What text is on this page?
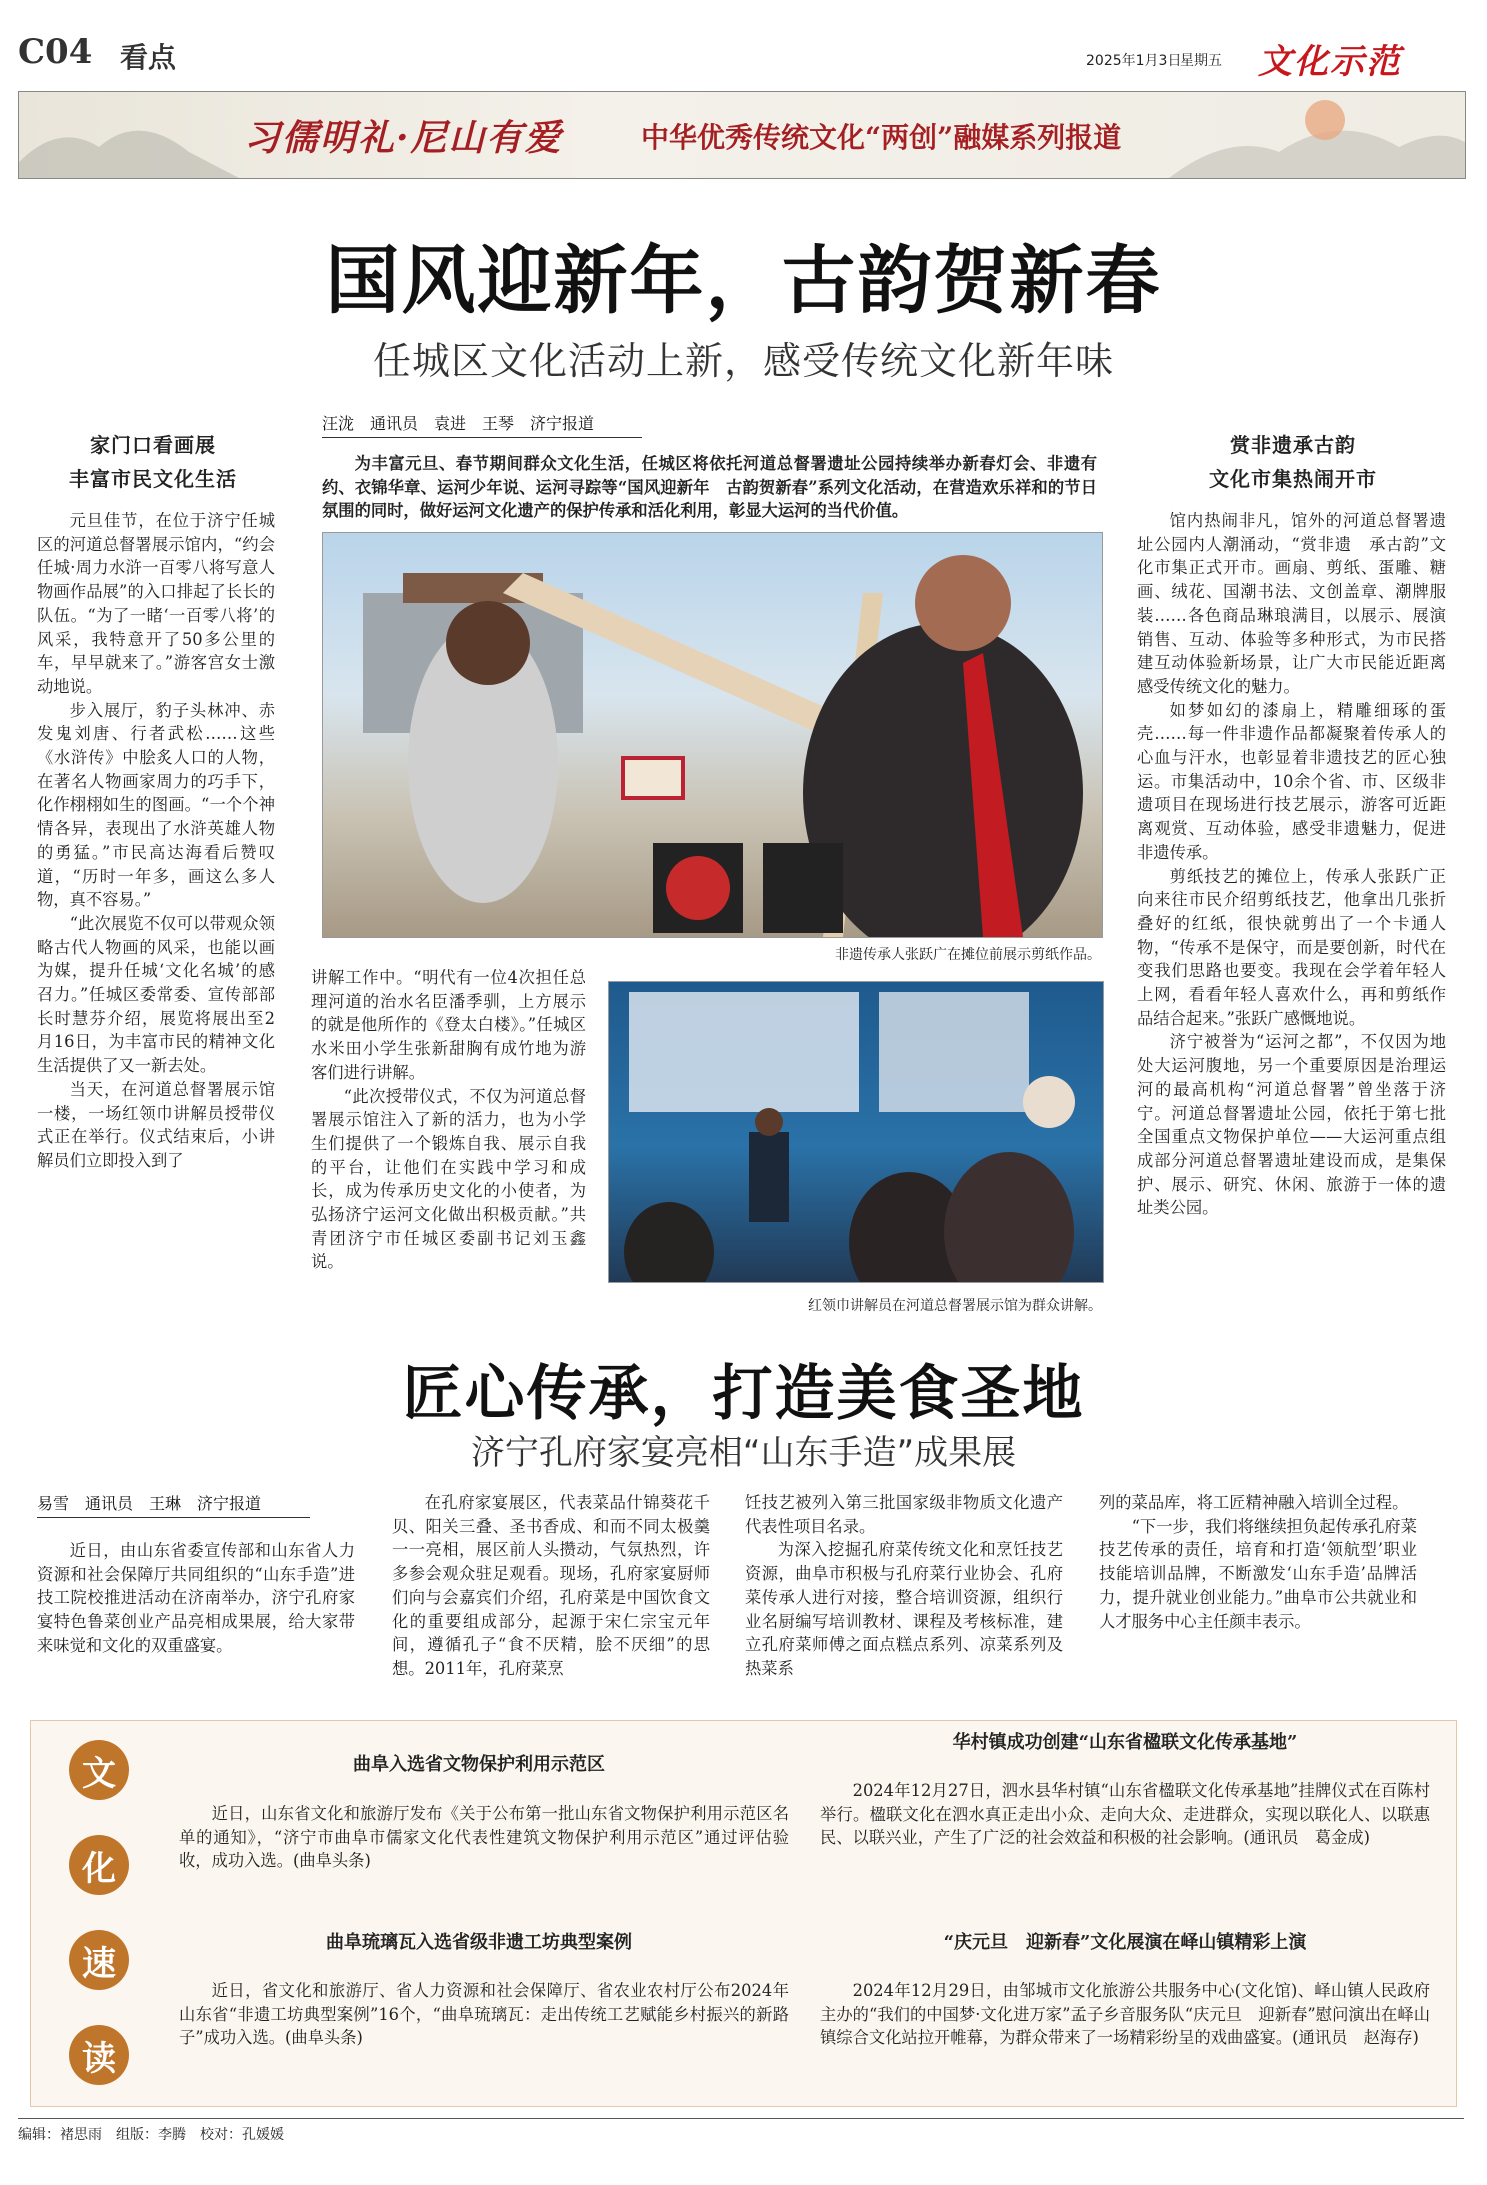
C04 看点	2025年1月3日
星期五 文化示范
习儒明礼·尼山有爱	中华优秀传统文化“两创”融媒系列报道
国风迎新年，古韵贺新春
任城区文化活动上新，感受传统文化新年味
汪泷　通讯员　袁进　王琴　济宁报道

为丰富元旦、春节期间群众文化生活，任城区将依托河道总督署遗址公园持续举办新春灯会、非遗有约、衣锦华章、运河少年说、运河寻踪等“国风迎新年　古韵贺新春”系列文化活动，在营造欢乐祥和的节日氛围的同时，做好运河文化遗产的保护传承和活化利用，彰显大运河的当代价值。

家门口看画展
丰富市民文化生活

元旦佳节，在位于济宁任城区的河道总督署展示馆内，“约会任城·周力水浒一百零八将写意人物画作品展”的入口排起了长长的队伍。“为了一睹‘一百零八将’的风采，我特意开了50多公里的车，早早就来了。”游客宫女士激动地说。

步入展厅，豹子头林冲、赤发鬼刘唐、行者武松……这些《水浒传》中脍炙人口的人物，在著名人物画家周力的巧手下，化作栩栩如生的图画。“一个个神情各异，表现出了水浒英雄人物的勇猛。”市民高达海看后赞叹道，“历时一年多，画这么多人物，真不容易。”

“此次展览不仅可以带观众领略古代人物画的风采，也能以画为媒，提升任城‘文化名城’的感召力。”任城区委常委、宣传部部长时慧芬介绍，展览将展出至2月16日，为丰富市民的精神文化生活提供了又一新去处。

当天，在河道总督署展示馆一楼，一场红领巾讲解员授带仪式正在举行。仪式结束后，小讲解员们立即投入到了

非遗传承人张跃广在摊位前展示剪纸作品。

讲解工作中。“明代有一位4次担任总理河道的治水名臣潘季驯，上方展示的就是他所作的《登太白楼》。”任城区水米田小学生张新甜胸有成竹地为游客们进行讲解。

“此次授带仪式，不仅为河道总督署展示馆注入了新的活力，也为小学生们提供了一个锻炼自我、展示自我的平台，让他们在实践中学习和成长，成为传承历史文化的小使者，为弘扬济宁运河文化做出积极贡献。”共青团济宁市任城区委副书记刘玉鑫说。

红领巾讲解员在河道总督署展示馆为群众讲解。
赏非遗承古韵
文化市集热闹开市

馆内热闹非凡，馆外的河道总督署遗址公园内人潮涌动，“赏非遗　承古韵”文化市集正式开市。画扇、剪纸、蛋雕、糖画、绒花、国潮书法、文创盖章、潮牌服装……各色商品琳琅满目，以展示、展演销售、互动、体验等多种形式，为市民搭建互动体验新场景，让广大市民能近距离感受传统文化的魅力。

如梦如幻的漆扇上，精雕细琢的蛋壳……每一件非遗作品都凝聚着传承人的心血与汗水，也彰显着非遗技艺的匠心独运。市集活动中，10余个省、市、区级非遗项目在现场进行技艺展示，游客可近距离观赏、互动体验，感受非遗魅力，促进非遗传承。

剪纸技艺的摊位上，传承人张跃广正向来往市民介绍剪纸技艺，他拿出几张折叠好的红纸，很快就剪出了一个卡通人物，“传承不是保守，而是要创新，时代在变我们思路也要变。我现在会学着年轻人上网，看看年轻人喜欢什么，再和剪纸作品结合起来。”张跃广感慨地说。

济宁被誉为“运河之都”，不仅因为地处大运河腹地，另一个重要原因是治理运河的最高机构“河道总督署”曾坐落于济宁。河道总督署遗址公园，依托于第七批全国重点文物保护单位——大运河重点组成部分河道总督署遗址建设而成，是集保护、展示、研究、休闲、旅游于一体的遗址类公园。

匠心传承，打造美食圣地
济宁孔府家宴亮相“山东手造”成果展
易雪　通讯员　王琳　济宁报道

近日，由山东省委宣传部和山东省人力资源和社会保障厅共同组织的“山东手造”进技工院校推进活动在济南举办，济宁孔府家宴特色鲁菜创业产品亮相成果展，给大家带来味觉和文化的双重盛宴。

在孔府家宴展区，代表菜品什锦葵花千贝、阳关三叠、圣书香成、和而不同太极羹一一亮相，展区前人头攒动，气氛热烈，许多参会观众驻足观看。现场，孔府家宴厨师们向与会嘉宾们介绍，孔府菜是中国饮食文化的重要组成部分，起源于宋仁宗宝元年间，遵循孔子“食不厌精，脍不厌细”的思想。2011年，孔府菜烹

饪技艺被列入第三批国家级非物质文化遗产代表性项目名录。

为深入挖掘孔府菜传统文化和烹饪技艺资源，曲阜市积极与孔府菜行业协会、孔府菜传承人进行对接，整合培训资源，组织行业名厨编写培训教材、课程及考核标准，建立孔府菜师傅之面点糕点系列、凉菜系列及热菜系

列的菜品库，将工匠精神融入培训全过程。

“下一步，我们将继续担负起传承孔府菜技艺传承的责任，培育和打造‘领航型’职业技能培训品牌，不断激发‘山东手造’品牌活力，提升就业创业能力。”曲阜市公共就业和人才服务中心主任颜丰表示。

文
化
速
读
曲阜入选省文物保护利用示范区

近日，山东省文化和旅游厅发布《关于公布第一批山东省文物保护利用示范区名单的通知》，“济宁市曲阜市儒家文化代表性建筑文物保护利用示范区”通过评估验收，成功入选。(曲阜头条)

曲阜琉璃瓦入选省级非遗工坊典型案例

近日，省文化和旅游厅、省人力资源和社会保障厅、省农业农村厅公布2024年山东省“非遗工坊典型案例”16个，“曲阜琉璃瓦：走出传统工艺赋能乡村振兴的新路子”成功入选。(曲阜头条)

华村镇成功创建“山东省楹联文化传承基地”

2024年12月27日，泗水县华村镇“山东省楹联文化传承基地”挂牌仪式在百陈村举行。楹联文化在泗水真正走出小众、走向大众、走进群众，实现以联化人、以联惠民、以联兴业，产生了广泛的社会效益和积极的社会影响。(通讯员　葛金成)

“庆元旦　迎新春”文化展演在峄山镇精彩上演

2024年12月29日，由邹城市文化旅游公共服务中心(文化馆)、峄山镇人民政府主办的“我们的中国梦·文化进万家”孟子乡音服务队“庆元旦　迎新春”慰问演出在峄山镇综合文化站拉开帷幕，为群众带来了一场精彩纷呈的戏曲盛宴。(通讯员　赵海存)

编辑：褚思雨　组版：李腾　校对：孔媛媛
